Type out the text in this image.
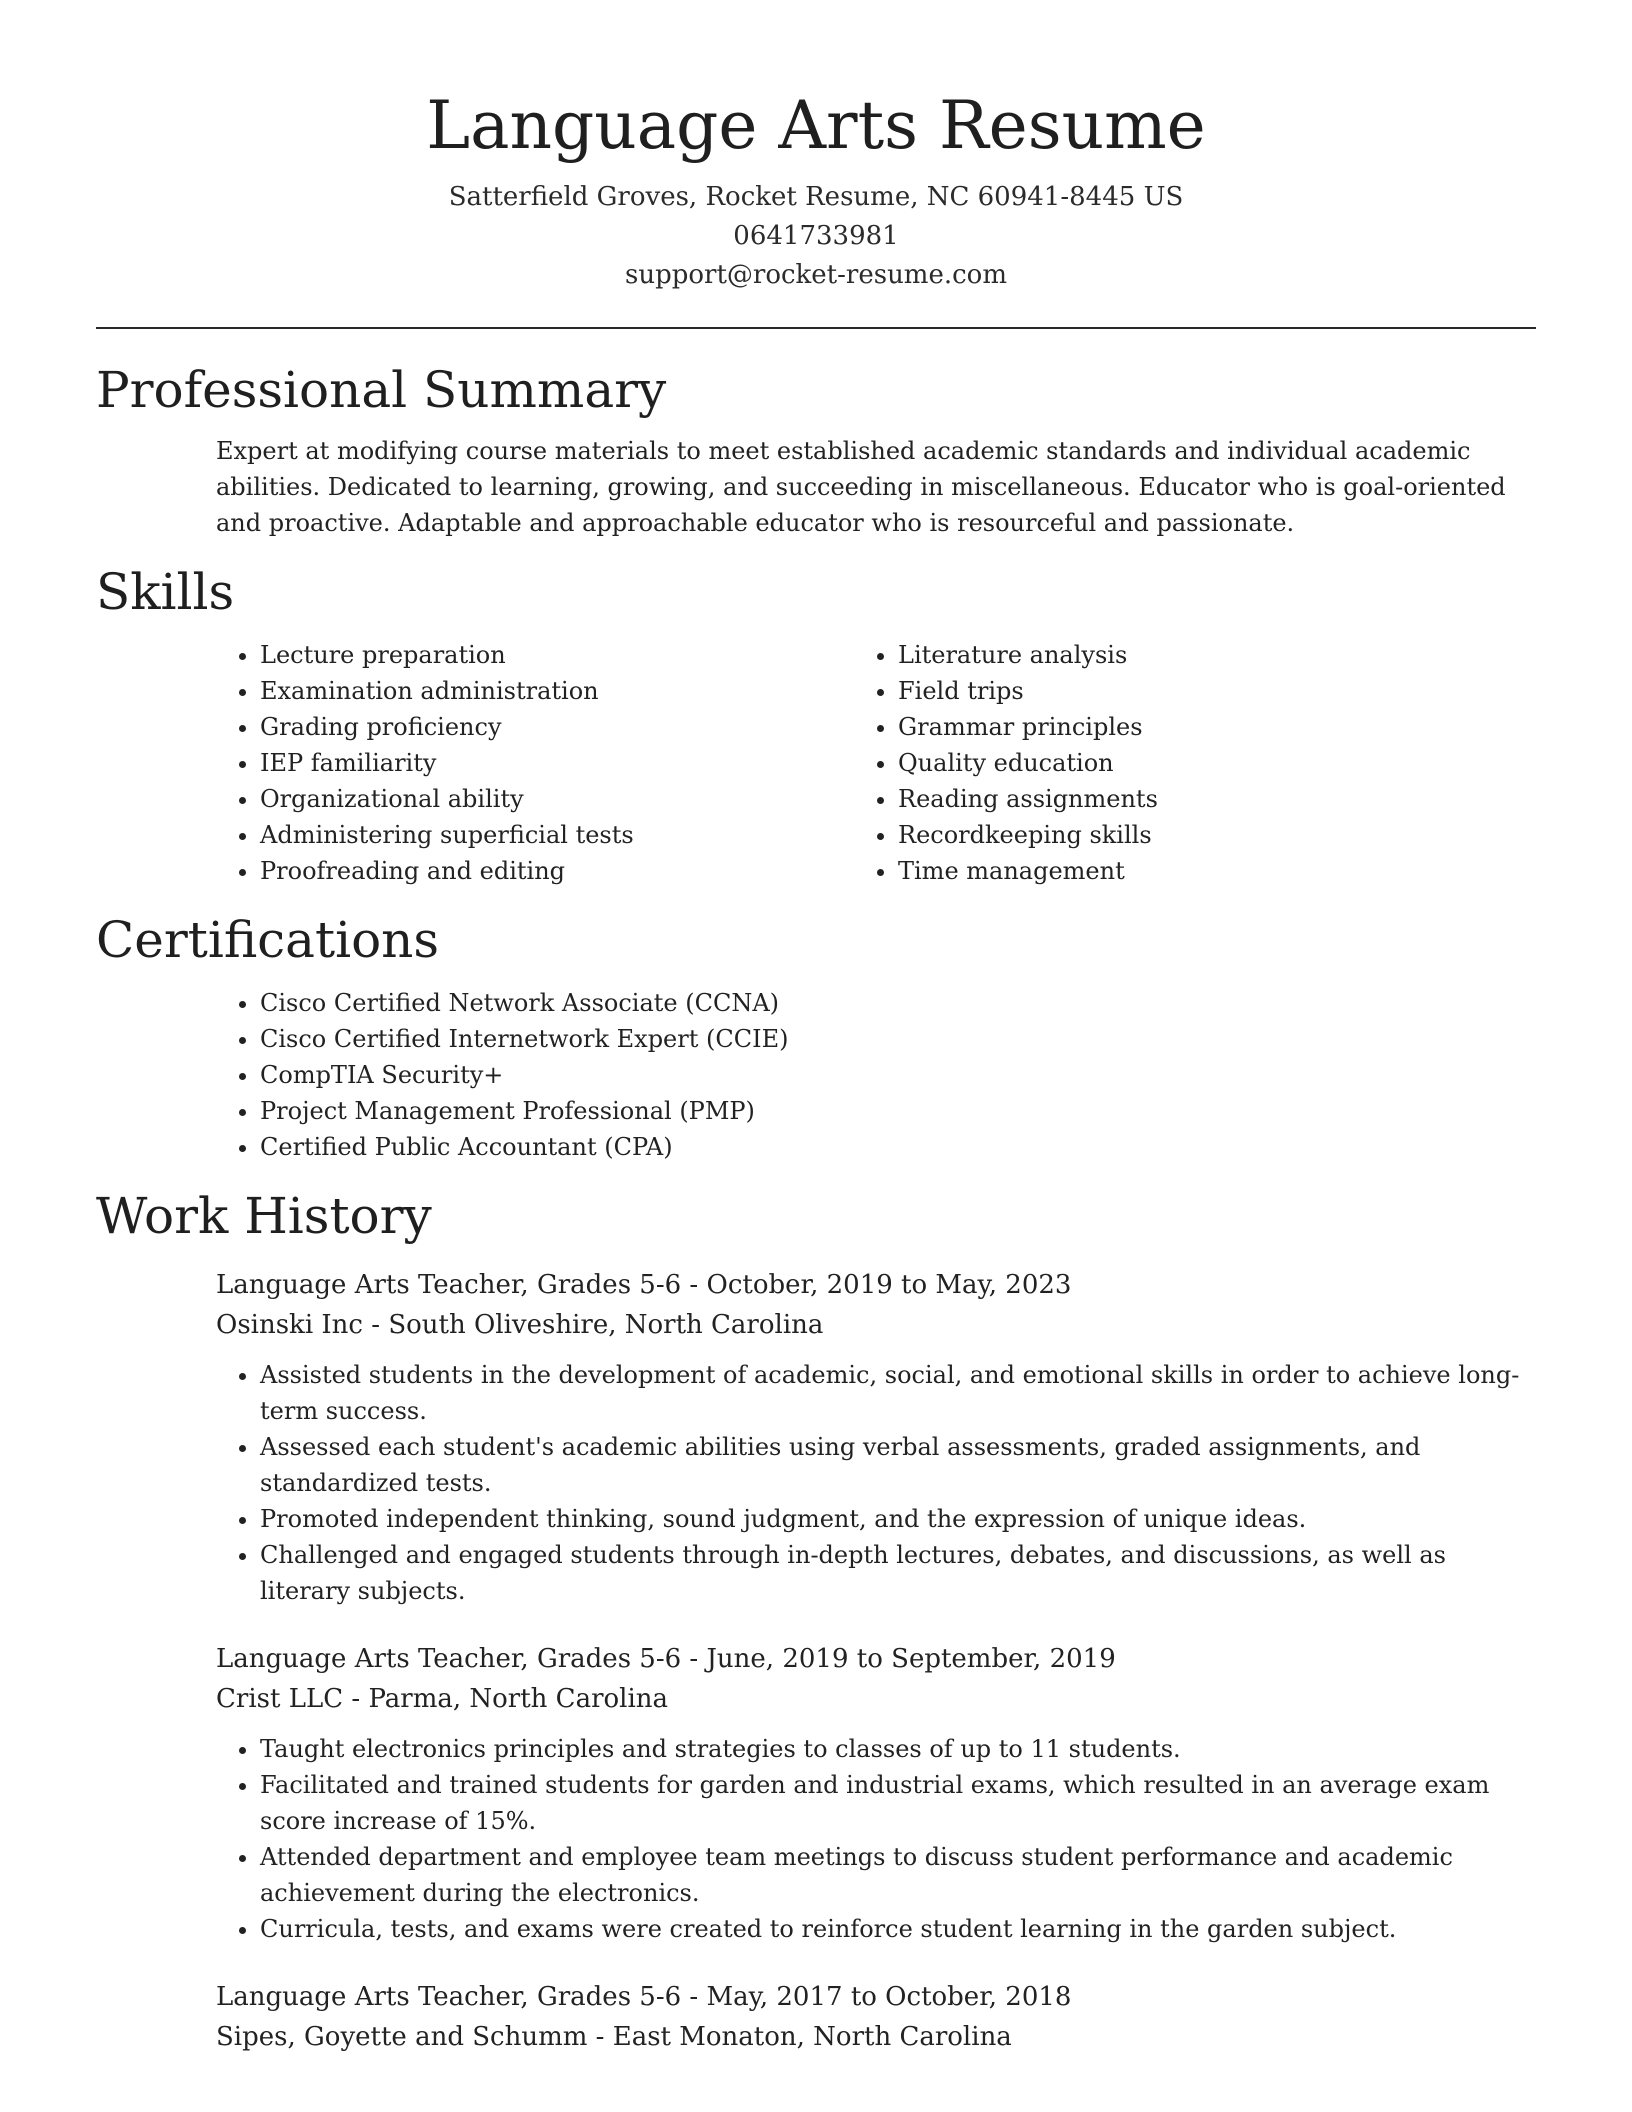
Language Arts Resume
Satterfield Groves, Rocket Resume, NC 60941-8445 US
0641733981
support@rocket-resume.com
Professional Summary

Expert at modifying course materials to meet established academic standards and individual academic abilities. Dedicated to learning, growing, and succeeding in miscellaneous. Educator who is goal-oriented and proactive. Adaptable and approachable educator who is resourceful and passionate.

Skills
• Lecture preparation
• Examination administration
• Grading proficiency
• IEP familiarity
• Organizational ability
• Administering superficial tests
• Proofreading and editing
• Literature analysis
• Field trips
• Grammar principles
• Quality education
• Reading assignments
• Recordkeeping skills
• Time management
Certifications
• Cisco Certified Network Associate (CCNA)
• Cisco Certified Internetwork Expert (CCIE)
• CompTIA Security+
• Project Management Professional (PMP)
• Certified Public Accountant (CPA)
Work History
Language Arts Teacher, Grades 5-6 - October, 2019 to May, 2023
Osinski Inc - South Oliveshire, North Carolina
• Assisted students in the development of academic, social, and emotional skills in order to achieve long-term success.
• Assessed each student's academic abilities using verbal assessments, graded assignments, and standardized tests.
• Promoted independent thinking, sound judgment, and the expression of unique ideas.
• Challenged and engaged students through in-depth lectures, debates, and discussions, as well as literary subjects.
Language Arts Teacher, Grades 5-6 - June, 2019 to September, 2019
Crist LLC - Parma, North Carolina
• Taught electronics principles and strategies to classes of up to 11 students.
• Facilitated and trained students for garden and industrial exams, which resulted in an average exam score increase of 15%.
• Attended department and employee team meetings to discuss student performance and academic achievement during the electronics.
• Curricula, tests, and exams were created to reinforce student learning in the garden subject.
Language Arts Teacher, Grades 5-6 - May, 2017 to October, 2018
Sipes, Goyette and Schumm - East Monaton, North Carolina
